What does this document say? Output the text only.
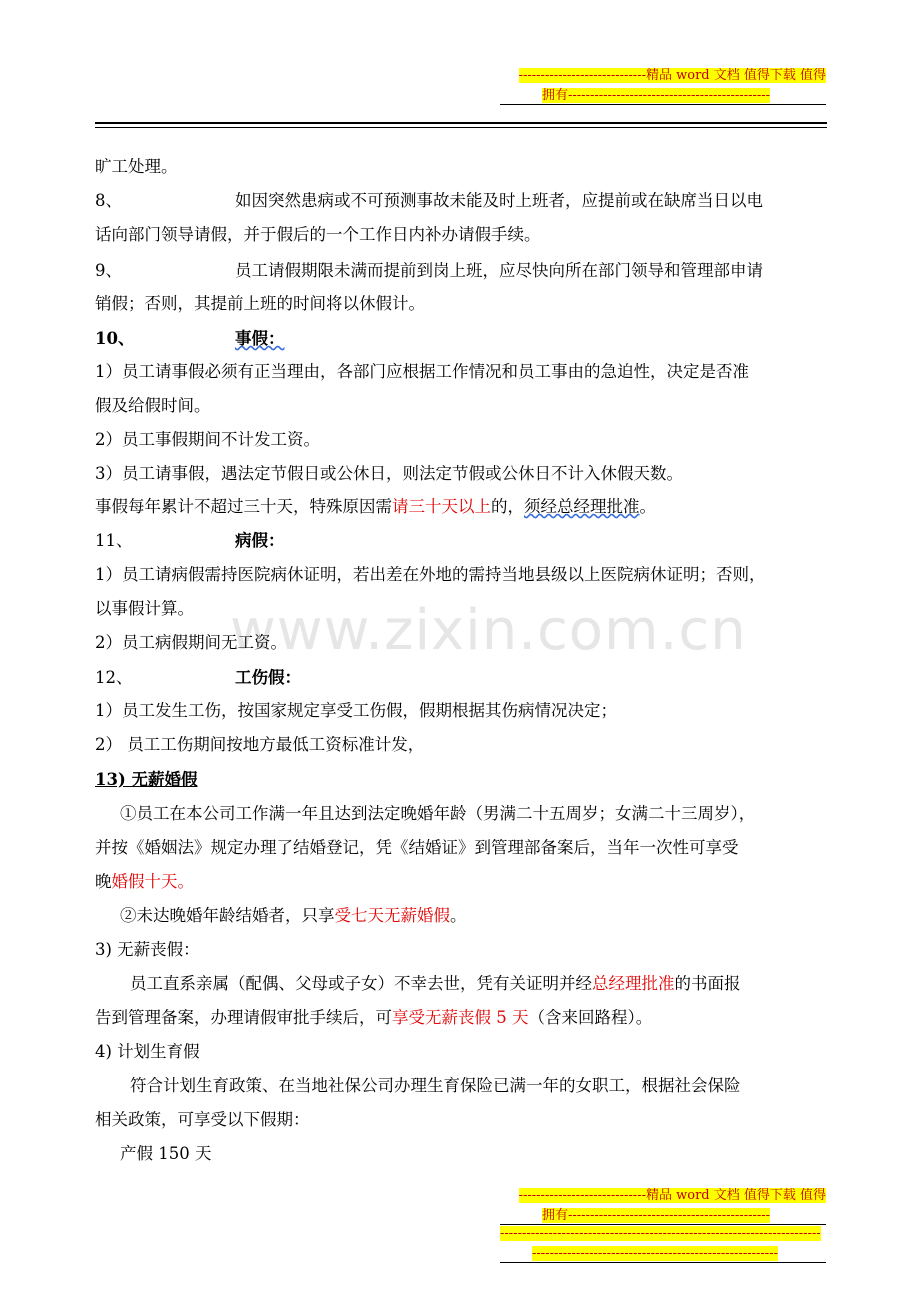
-----------------------------精品 word 文档 值得下载 值得
拥有----------------------------------------------
www.zixin.com.cn
旷工处理。
8、	如因突然患病或不可预测事故未能及时上班者，应提前或在缺席当日以电
话向部门领导请假，并于假后的一个工作日内补办请假手续。
9、	员工请假期限未满而提前到岗上班，应尽快向所在部门领导和管理部申请
销假；否则，其提前上班的时间将以休假计。
10、	事假：
1）员工请事假必须有正当理由，各部门应根据工作情况和员工事由的急迫性，决定是否准
假及给假时间。
2）员工事假期间不计发工资。
3）员工请事假，遇法定节假日或公休日，则法定节假或公休日不计入休假天数。
事假每年累计不超过三十天，特殊原因需请三十天以上的，须经总经理批准。
11、	病假：
1）员工请病假需持医院病休证明，若出差在外地的需持当地县级以上医院病休证明；否则，
以事假计算。
2）员工病假期间无工资。
12、	工伤假：
1）员工发生工伤，按国家规定享受工伤假，假期根据其伤病情况决定；
2） 员工工伤期间按地方最低工资标准计发，
13) 无薪婚假
①员工在本公司工作满一年且达到法定晚婚年龄（男满二十五周岁；女满二十三周岁），
并按《婚姻法》规定办理了结婚登记，凭《结婚证》到管理部备案后，当年一次性可享受
晚婚假十天。
②未达晚婚年龄结婚者，只享受七天无薪婚假。
3) 无薪丧假：
员工直系亲属（配偶、父母或子女）不幸去世，凭有关证明并经总经理批准的书面报
告到管理备案，办理请假审批手续后，可享受无薪丧假 5 天（含来回路程）。
4) 计划生育假
符合计划生育政策、在当地社保公司办理生育保险已满一年的女职工，根据社会保险
相关政策，可享受以下假期：
产假 150 天
-----------------------------精品 word 文档 值得下载 值得
拥有----------------------------------------------
-------------------------------------------------------------------------
--------------------------------------------------------
